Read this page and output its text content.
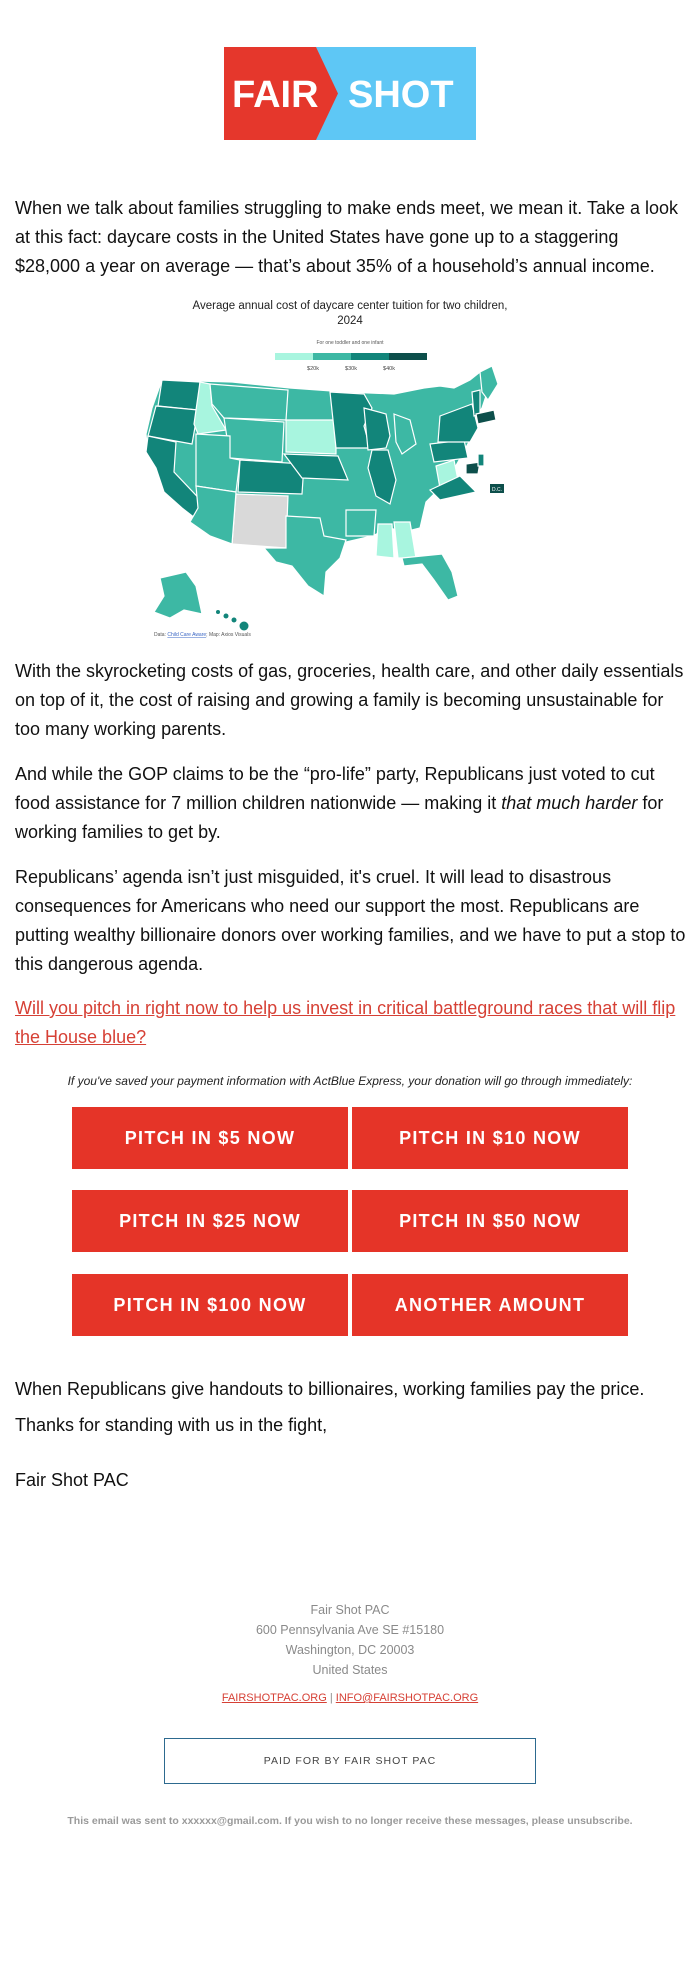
FAIR SHOT

When we talk about families struggling to make ends meet, we mean it. Take a look at this fact: daycare costs in the United States have gone up to a staggering $28,000 a year on average — that’s about 35% of a household’s annual income.

Average annual cost of daycare center tuition for two children,
2024
For one toddler and one infant
$20k	$30k	$40k
D.C.
Data: Child Care Aware; Map: Axios Visuals

With the skyrocketing costs of gas, groceries, health care, and other daily essentials on top of it, the cost of raising and growing a family is becoming unsustainable for too many working parents.

And while the GOP claims to be the “pro-life” party, Republicans just voted to cut food assistance for 7 million children nationwide — making it that much harder for working families to get by.

Republicans’ agenda isn’t just misguided, it's cruel. It will lead to disastrous consequences for Americans who need our support the most. Republicans are putting wealthy billionaire donors over working families, and we have to put a stop to this dangerous agenda.

Will you pitch in right now to help us invest in critical battleground races that will flip the House blue?

If you've saved your payment information with ActBlue Express, your donation will go through immediately:
PITCH IN $5 NOW	PITCH IN $10 NOW
PITCH IN $25 NOW	PITCH IN $50 NOW
PITCH IN $100 NOW	ANOTHER AMOUNT

When Republicans give handouts to billionaires, working families pay the price.

Thanks for standing with us in the fight,

Fair Shot PAC

Fair Shot PAC
600 Pennsylvania Ave SE #15180
Washington, DC 20003
United States
FAIRSHOTPAC.ORG | INFO@FAIRSHOTPAC.ORG
PAID FOR BY FAIR SHOT PAC
This email was sent to xxxxxx@gmail.com. If you wish to no longer receive these messages, please unsubscribe.
